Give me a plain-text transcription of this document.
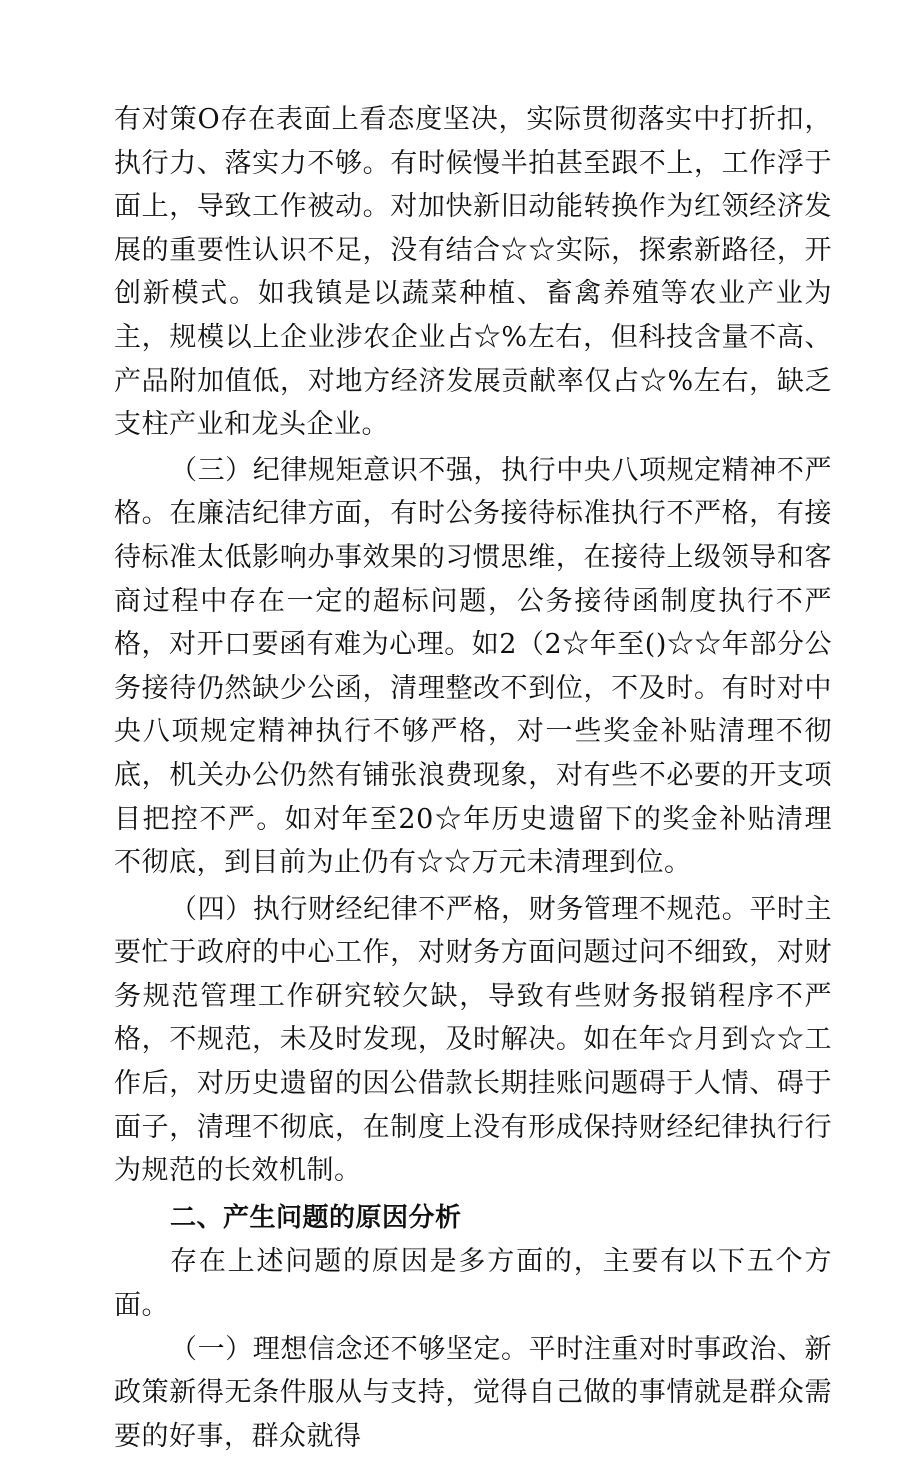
有对策O存在表面上看态度坚决，实际贯彻落实中打折扣，执行力、落实力不够。有时候慢半拍甚至跟不上，工作浮于面上，导致工作被动。对加快新旧动能转换作为红领经济发展的重要性认识不足，没有结合☆☆实际，探索新路径，开创新模式。如我镇是以蔬菜种植、畜禽养殖等农业产业为主，规模以上企业涉农企业占☆%左右，但科技含量不高、产品附加值低，对地方经济发展贡献率仅占☆%左右，缺乏支柱产业和龙头企业。

（三）纪律规矩意识不强，执行中央八项规定精神不严格。在廉洁纪律方面，有时公务接待标准执行不严格，有接待标准太低影响办事效果的习惯思维，在接待上级领导和客商过程中存在一定的超标问题，公务接待函制度执行不严格，对开口要函有难为心理。如2（2☆年至()☆☆年部分公务接待仍然缺少公函，清理整改不到位，不及时。有时对中央八项规定精神执行不够严格，对一些奖金补贴清理不彻底，机关办公仍然有铺张浪费现象，对有些不必要的开支项目把控不严。如对年至20☆年历史遗留下的奖金补贴清理不彻底，到目前为止仍有☆☆万元未清理到位。

（四）执行财经纪律不严格，财务管理不规范。平时主要忙于政府的中心工作，对财务方面问题过问不细致，对财务规范管理工作研究较欠缺，导致有些财务报销程序不严格，不规范，未及时发现，及时解决。如在年☆月到☆☆工作后，对历史遗留的因公借款长期挂账问题碍于人情、碍于面子，清理不彻底，在制度上没有形成保持财经纪律执行行为规范的长效机制。

二、产生问题的原因分析

存在上述问题的原因是多方面的，主要有以下五个方面。

（一）理想信念还不够坚定。平时注重对时事政治、新政策新得无条件服从与支持，觉得自己做的事情就是群众需要的好事，群众就得
